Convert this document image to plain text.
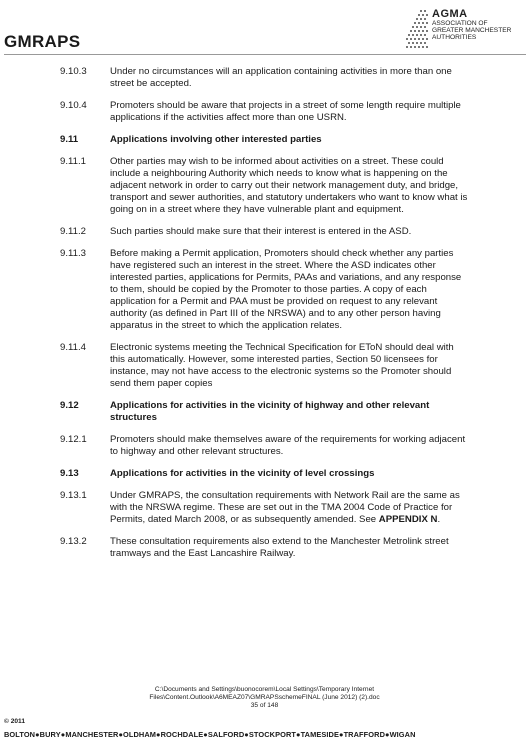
GMRAPS
AGMA
ASSOCIATION OF
GREATER MANCHESTER
AUTHORITIES
9.10.3 Under no circumstances will an application containing activities in more than one street be accepted.
9.10.4 Promoters should be aware that projects in a street of some length require multiple applications if the activities affect more than one USRN.
9.11	Applications involving other interested parties
9.11.1	Other parties may wish to be informed about activities on a street. These could include a neighbouring Authority which needs to know what is happening on the adjacent network in order to carry out their network management duty, and bridge, transport and sewer authorities, and statutory undertakers who want to know what is going on in a street where they have vulnerable plant and equipment.
9.11.2	Such parties should make sure that their interest is entered in the ASD.
9.11.3	Before making a Permit application, Promoters should check whether any parties have registered such an interest in the street. Where the ASD indicates other interested parties, applications for Permits, PAAs and variations, and any response to them, should be copied by the Promoter to those parties. A copy of each application for a Permit and PAA must be provided on request to any relevant authority (as defined in Part III of the NRSWA) and to any other person having apparatus in the street to which the application relates.
9.11.4	Electronic systems meeting the Technical Specification for EToN should deal with this automatically. However, some interested parties, Section 50 licensees for instance, may not have access to the electronic systems so the Promoter should send them paper copies
9.12	Applications for activities in the vicinity of highway and other relevant structures
9.12.1 Promoters should make themselves aware of the requirements for working adjacent to highway and other relevant structures.
9.13	Applications for activities in the vicinity of level crossings
9.13.1 Under GMRAPS, the consultation requirements with Network Rail are the same as with the NRSWA regime. These are set out in the TMA 2004 Code of Practice for Permits, dated March 2008, or as subsequently amended. See APPENDIX N.
9.13.2 These consultation requirements also extend to the Manchester Metrolink street tramways and the East Lancashire Railway.
C:\Documents and Settings\buonocorem\Local Settings\Temporary Internet
Files\Content.Outlook\A6MEAZ07\GMRAPSschemeFINAL (June 2012) (2).doc
35 of 148
© 2011
BOLTON●BURY●MANCHESTER●OLDHAM●ROCHDALE●SALFORD●STOCKPORT●TAMESIDE●TRAFFORD●WIGAN
